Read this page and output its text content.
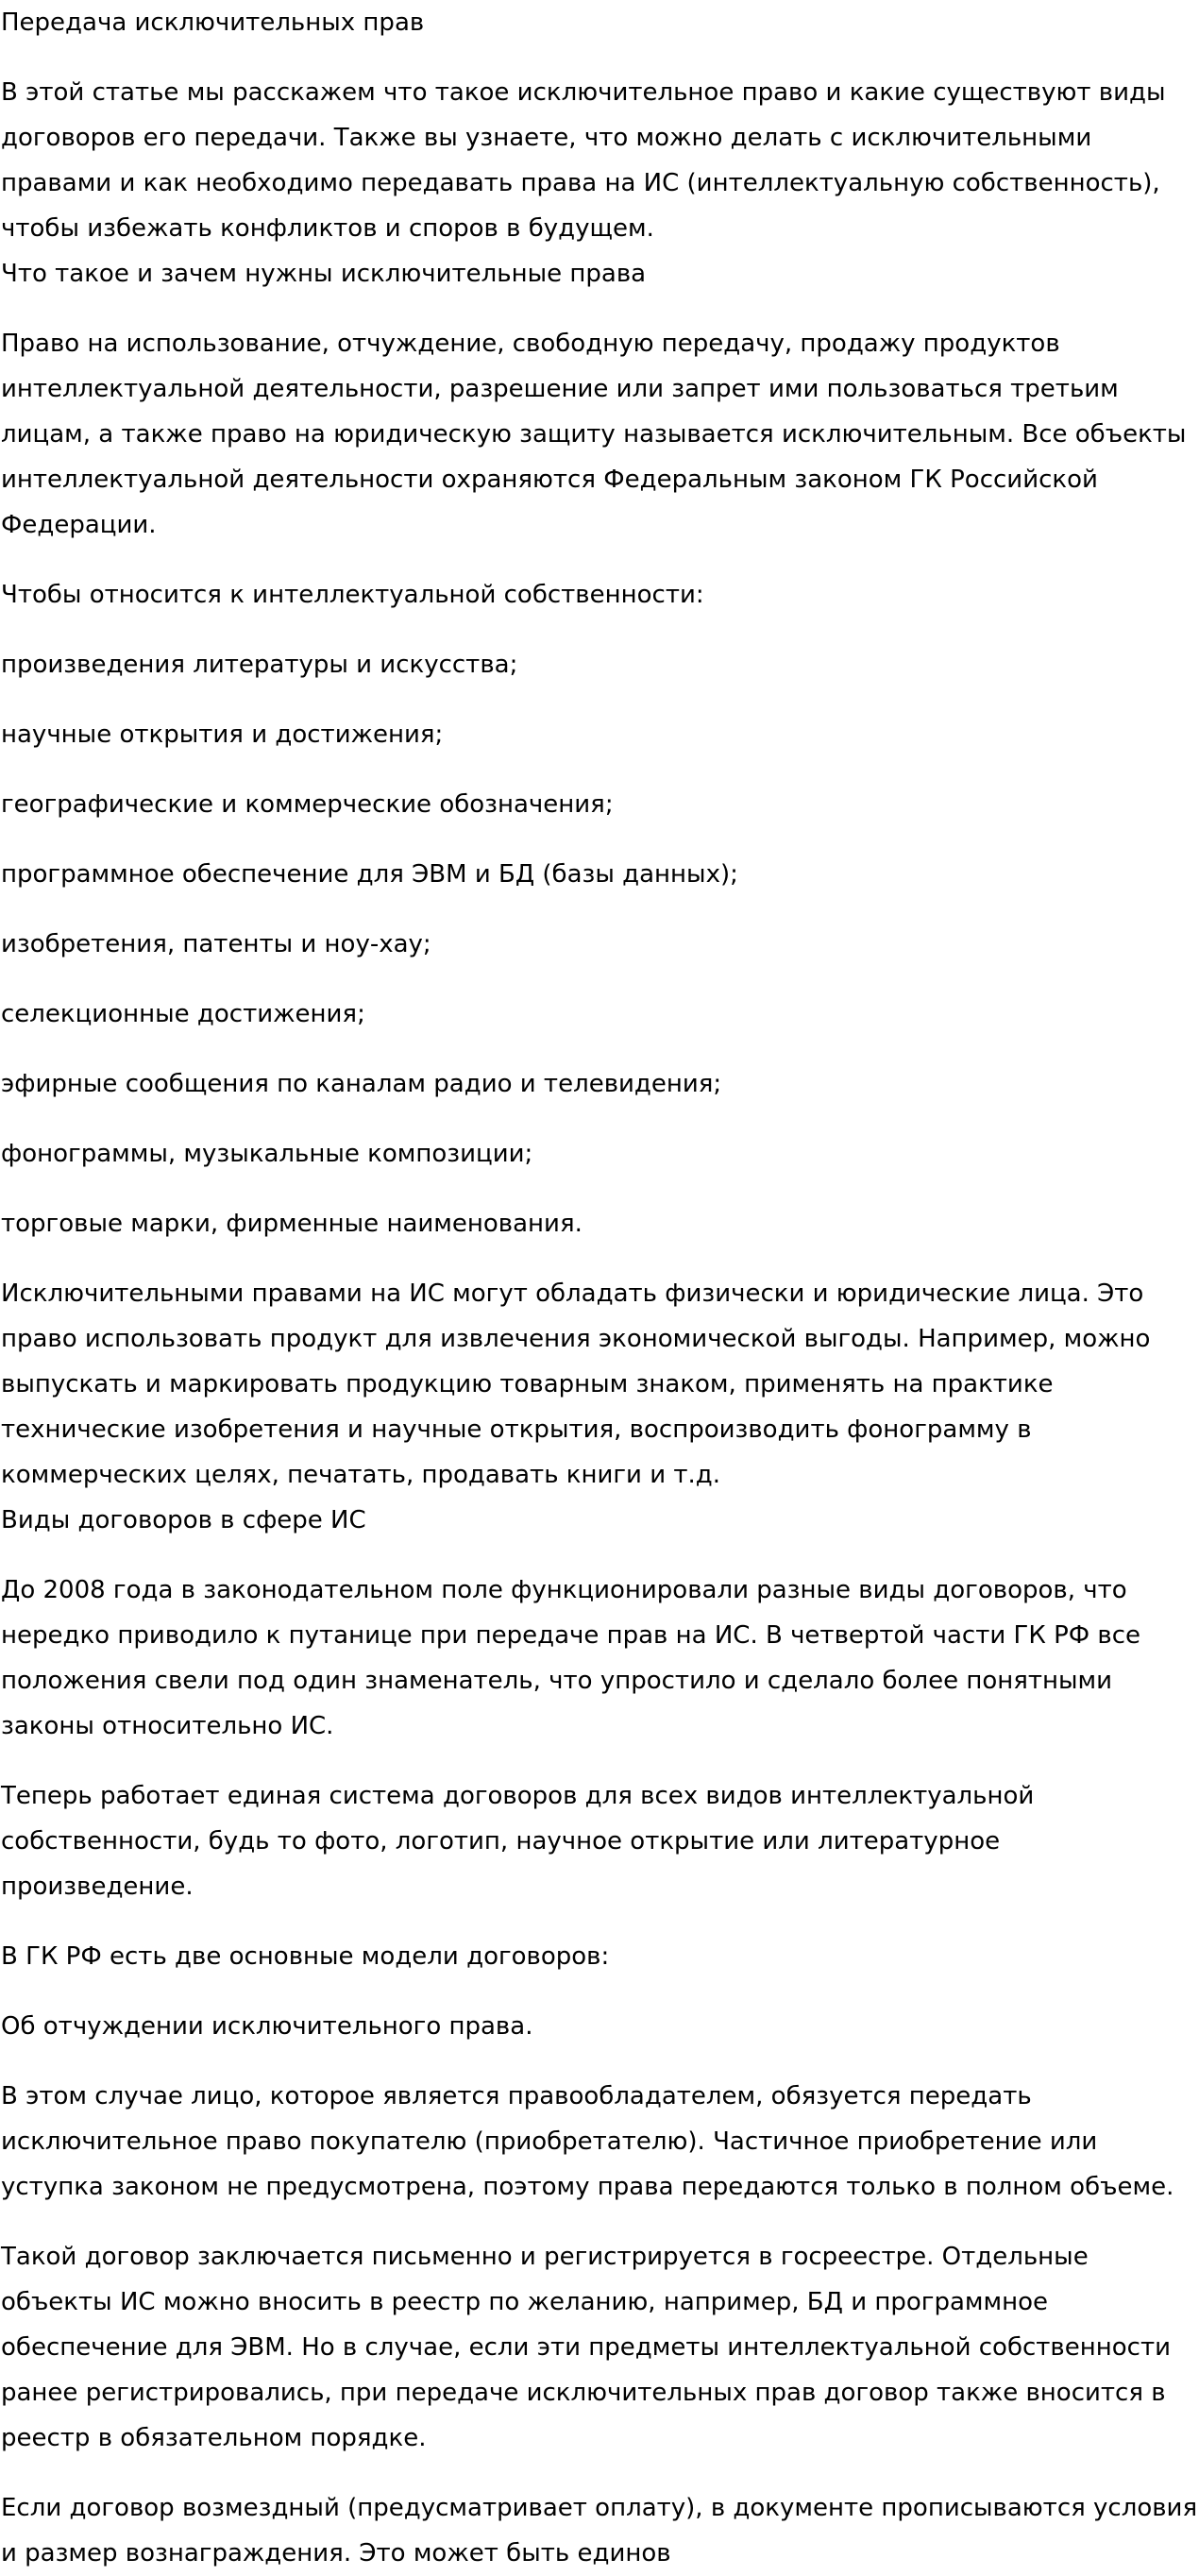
Передача исключительных прав

В этой статье мы расскажем что такое исключительное право и какие существуют виды договоров его передачи. Также вы узнаете, что можно делать с исключительными правами и как необходимо передавать права на ИС (интеллектуальную собственность), чтобы избежать конфликтов и споров в будущем.

Что такое и зачем нужны исключительные права

Право на использование, отчуждение, свободную передачу, продажу продуктов интеллектуальной деятельности, разрешение или запрет ими пользоваться третьим лицам, а также право на юридическую защиту называется исключительным. Все объекты интеллектуальной деятельности охраняются Федеральным законом ГК Российской Федерации.

Чтобы относится к интеллектуальной собственности:

произведения литературы и искусства;

научные открытия и достижения;

географические и коммерческие обозначения;

программное обеспечение для ЭВМ и БД (базы данных);

изобретения, патенты и ноу-хау;

селекционные достижения;

эфирные сообщения по каналам радио и телевидения;

фонограммы, музыкальные композиции;

торговые марки, фирменные наименования.

Исключительными правами на ИС могут обладать физически и юридические лица. Это право использовать продукт для извлечения экономической выгоды. Например, можно выпускать и маркировать продукцию товарным знаком, применять на практике технические изобретения и научные открытия, воспроизводить фонограмму в коммерческих целях, печатать, продавать книги и т.д.

Виды договоров в сфере ИС

До 2008 года в законодательном поле функционировали разные виды договоров, что нередко приводило к путанице при передаче прав на ИС. В четвертой части ГК РФ все положения свели под один знаменатель, что упростило и сделало более понятными законы относительно ИС.

Теперь работает единая система договоров для всех видов интеллектуальной собственности, будь то фото, логотип, научное открытие или литературное произведение.

В ГК РФ есть две основные модели договоров:

Об отчуждении исключительного права.

В этом случае лицо, которое является правообладателем, обязуется передать исключительное право покупателю (приобретателю). Частичное приобретение или уступка законом не предусмотрена, поэтому права передаются только в полном объеме.

Такой договор заключается письменно и регистрируется в госреестре. Отдельные объекты ИС можно вносить в реестр по желанию, например, БД и программное обеспечение для ЭВМ. Но в случае, если эти предметы интеллектуальной собственности ранее регистрировались, при передаче исключительных прав договор также вносится в реестр в обязательном порядке.

Если договор возмездный (предусматривает оплату), в документе прописываются условия и размер вознаграждения. Это может быть единов
